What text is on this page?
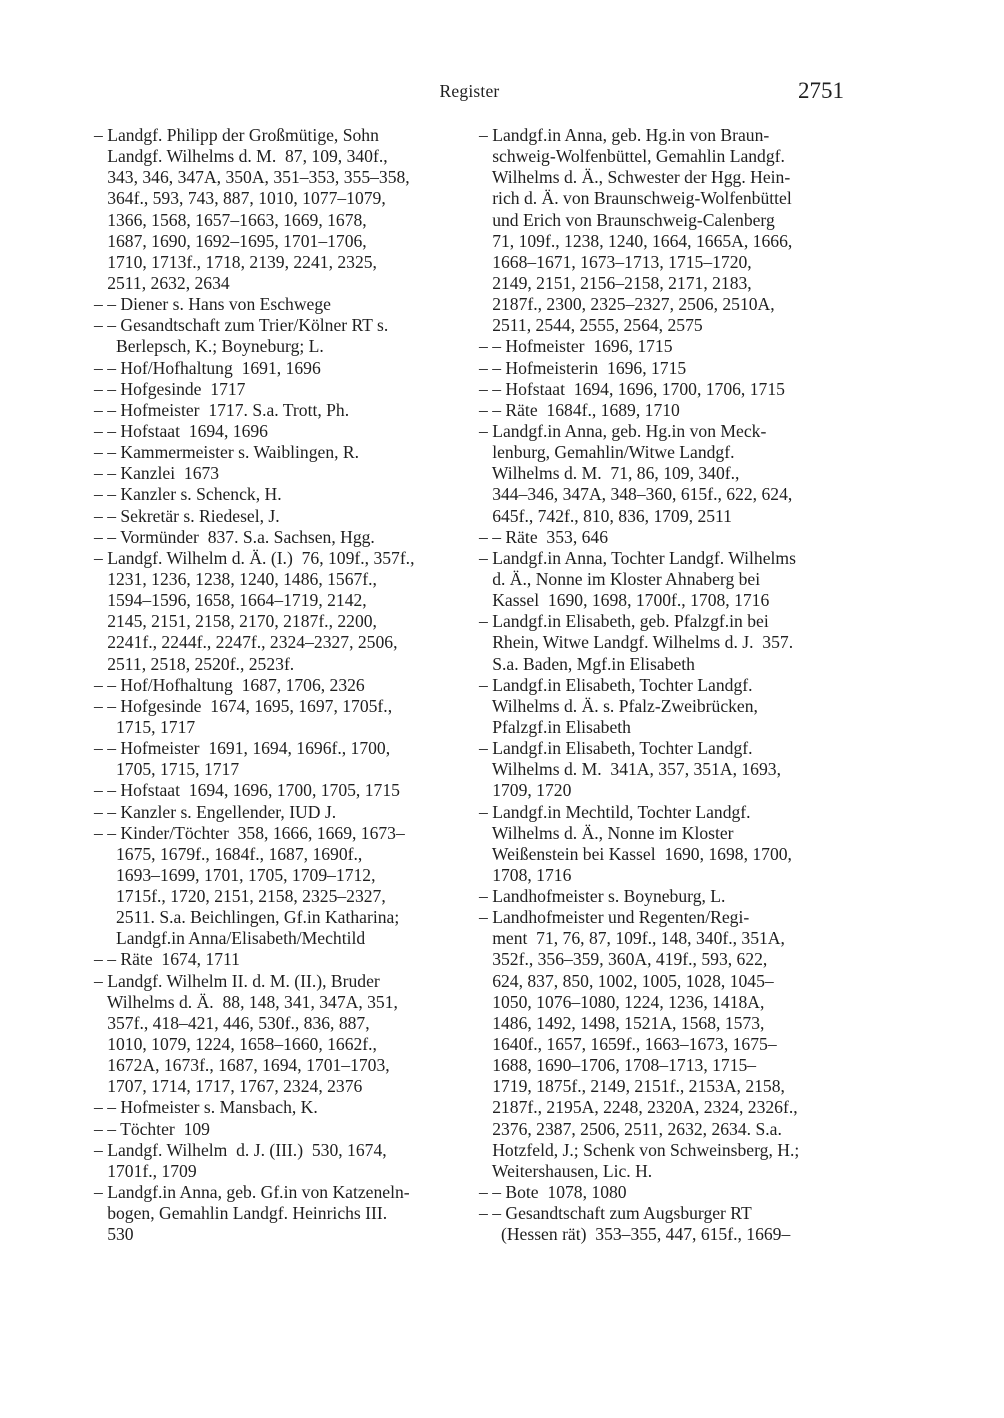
Register	2751
– Landgf. Philipp der Großmütige, Sohn
Landgf. Wilhelms d. M.  87, 109, 340f.,
343, 346, 347A, 350A, 351–353, 355–358,
364f., 593, 743, 887, 1010, 1077–1079,
1366, 1568, 1657–1663, 1669, 1678,
1687, 1690, 1692–1695, 1701–1706,
1710, 1713f., 1718, 2139, 2241, 2325,
2511, 2632, 2634
– – Diener s. Hans von Eschwege
– – Gesandtschaft zum Trier/Kölner RT s.
Berlepsch, K.; Boyneburg; L.
– – Hof/Hofhaltung  1691, 1696
– – Hofgesinde  1717
– – Hofmeister  1717. S.a. Trott, Ph.
– – Hofstaat  1694, 1696
– – Kammermeister s. Waiblingen, R.
– – Kanzlei  1673
– – Kanzler s. Schenck, H.
– – Sekretär s. Riedesel, J.
– – Vormünder  837. S.a. Sachsen, Hgg.
– Landgf. Wilhelm d. Ä. (I.)  76, 109f., 357f.,
1231, 1236, 1238, 1240, 1486, 1567f.,
1594–1596, 1658, 1664–1719, 2142,
2145, 2151, 2158, 2170, 2187f., 2200,
2241f., 2244f., 2247f., 2324–2327, 2506,
2511, 2518, 2520f., 2523f.
– – Hof/Hofhaltung  1687, 1706, 2326
– – Hofgesinde  1674, 1695, 1697, 1705f.,
1715, 1717
– – Hofmeister  1691, 1694, 1696f., 1700,
1705, 1715, 1717
– – Hofstaat  1694, 1696, 1700, 1705, 1715
– – Kanzler s. Engellender, IUD J.
– – Kinder/Töchter  358, 1666, 1669, 1673–
1675, 1679f., 1684f., 1687, 1690f.,
1693–1699, 1701, 1705, 1709–1712,
1715f., 1720, 2151, 2158, 2325–2327,
2511. S.a. Beichlingen, Gf.in Katharina;
Landgf.in Anna/Elisabeth/Mechtild
– – Räte  1674, 1711
– Landgf. Wilhelm II. d. M. (II.), Bruder
Wilhelms d. Ä.  88, 148, 341, 347A, 351,
357f., 418–421, 446, 530f., 836, 887,
1010, 1079, 1224, 1658–1660, 1662f.,
1672A, 1673f., 1687, 1694, 1701–1703,
1707, 1714, 1717, 1767, 2324, 2376
– – Hofmeister s. Mansbach, K.
– – Töchter  109
– Landgf. Wilhelm  d. J. (III.)  530, 1674,
1701f., 1709
– Landgf.in Anna, geb. Gf.in von Katzeneln-
bogen, Gemahlin Landgf. Heinrichs III.
530
– Landgf.in Anna, geb. Hg.in von Braun-
schweig-Wolfenbüttel, Gemahlin Landgf.
Wilhelms d. Ä., Schwester der Hgg. Hein-
rich d. Ä. von Braunschweig-Wolfenbüttel
und Erich von Braunschweig-Calenberg
71, 109f., 1238, 1240, 1664, 1665A, 1666,
1668–1671, 1673–1713, 1715–1720,
2149, 2151, 2156–2158, 2171, 2183,
2187f., 2300, 2325–2327, 2506, 2510A,
2511, 2544, 2555, 2564, 2575
– – Hofmeister  1696, 1715
– – Hofmeisterin  1696, 1715
– – Hofstaat  1694, 1696, 1700, 1706, 1715
– – Räte  1684f., 1689, 1710
– Landgf.in Anna, geb. Hg.in von Meck-
lenburg, Gemahlin/Witwe Landgf.
Wilhelms d. M.  71, 86, 109, 340f.,
344–346, 347A, 348–360, 615f., 622, 624,
645f., 742f., 810, 836, 1709, 2511
– – Räte  353, 646
– Landgf.in Anna, Tochter Landgf. Wilhelms
d. Ä., Nonne im Kloster Ahnaberg bei
Kassel  1690, 1698, 1700f., 1708, 1716
– Landgf.in Elisabeth, geb. Pfalzgf.in bei
Rhein, Witwe Landgf. Wilhelms d. J.  357.
S.a. Baden, Mgf.in Elisabeth
– Landgf.in Elisabeth, Tochter Landgf.
Wilhelms d. Ä. s. Pfalz-Zweibrücken,
Pfalzgf.in Elisabeth
– Landgf.in Elisabeth, Tochter Landgf.
Wilhelms d. M.  341A, 357, 351A, 1693,
1709, 1720
– Landgf.in Mechtild, Tochter Landgf.
Wilhelms d. Ä., Nonne im Kloster
Weißenstein bei Kassel  1690, 1698, 1700,
1708, 1716
– Landhofmeister s. Boyneburg, L.
– Landhofmeister und Regenten/Regi-
ment  71, 76, 87, 109f., 148, 340f., 351A,
352f., 356–359, 360A, 419f., 593, 622,
624, 837, 850, 1002, 1005, 1028, 1045–
1050, 1076–1080, 1224, 1236, 1418A,
1486, 1492, 1498, 1521A, 1568, 1573,
1640f., 1657, 1659f., 1663–1673, 1675–
1688, 1690–1706, 1708–1713, 1715–
1719, 1875f., 2149, 2151f., 2153A, 2158,
2187f., 2195A, 2248, 2320A, 2324, 2326f.,
2376, 2387, 2506, 2511, 2632, 2634. S.a.
Hotzfeld, J.; Schenk von Schweinsberg, H.;
Weitershausen, Lic. H.
– – Bote  1078, 1080
– – Gesandtschaft zum Augsburger RT
(Hessen rät)  353–355, 447, 615f., 1669–
